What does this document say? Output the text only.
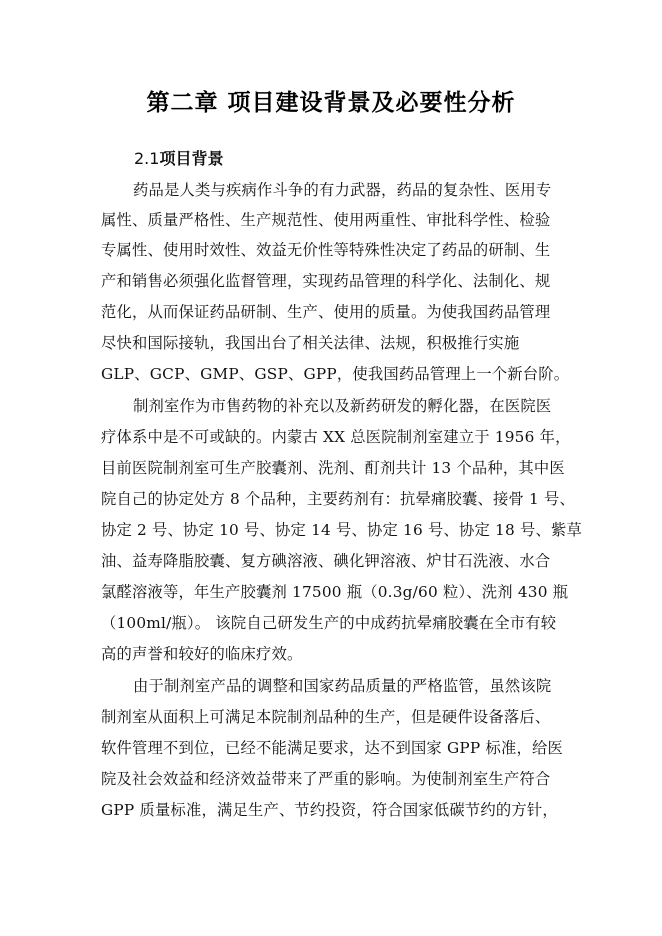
第二章 项目建设背景及必要性分析
2.1项目背景
药品是人类与疾病作斗争的有力武器，药品的复杂性、医用专
属性、质量严格性、生产规范性、使用两重性、审批科学性、检验
专属性、使用时效性、效益无价性等特殊性决定了药品的研制、生
产和销售必须强化监督管理，实现药品管理的科学化、法制化、规
范化，从而保证药品研制、生产、使用的质量。为使我国药品管理
尽快和国际接轨，我国出台了相关法律、法规，积极推行实施
GLP、GCP、GMP、GSP、GPP，使我国药品管理上一个新台阶。
制剂室作为市售药物的补充以及新药研发的孵化器，在医院医
疗体系中是不可或缺的。内蒙古 XX 总医院制剂室建立于 1956 年，
目前医院制剂室可生产胶囊剂、洗剂、酊剂共计 13 个品种，其中医
院自己的协定处方 8 个品种，主要药剂有：抗晕痛胶囊、接骨 1 号、
协定 2 号、协定 10 号、协定 14 号、协定 16 号、协定 18 号、紫草
油、益寿降脂胶囊、复方碘溶液、碘化钾溶液、炉甘石洗液、水合
氯醛溶液等，年生产胶囊剂 17500 瓶（0.3g/60 粒）、洗剂 430 瓶
（100ml/瓶）。 该院自己研发生产的中成药抗晕痛胶囊在全市有较
高的声誉和较好的临床疗效。
由于制剂室产品的调整和国家药品质量的严格监管，虽然该院
制剂室从面积上可满足本院制剂品种的生产，但是硬件设备落后、
软件管理不到位，已经不能满足要求，达不到国家 GPP 标准，给医
院及社会效益和经济效益带来了严重的影响。为使制剂室生产符合
GPP 质量标准，满足生产、节约投资，符合国家低碳节约的方针，
